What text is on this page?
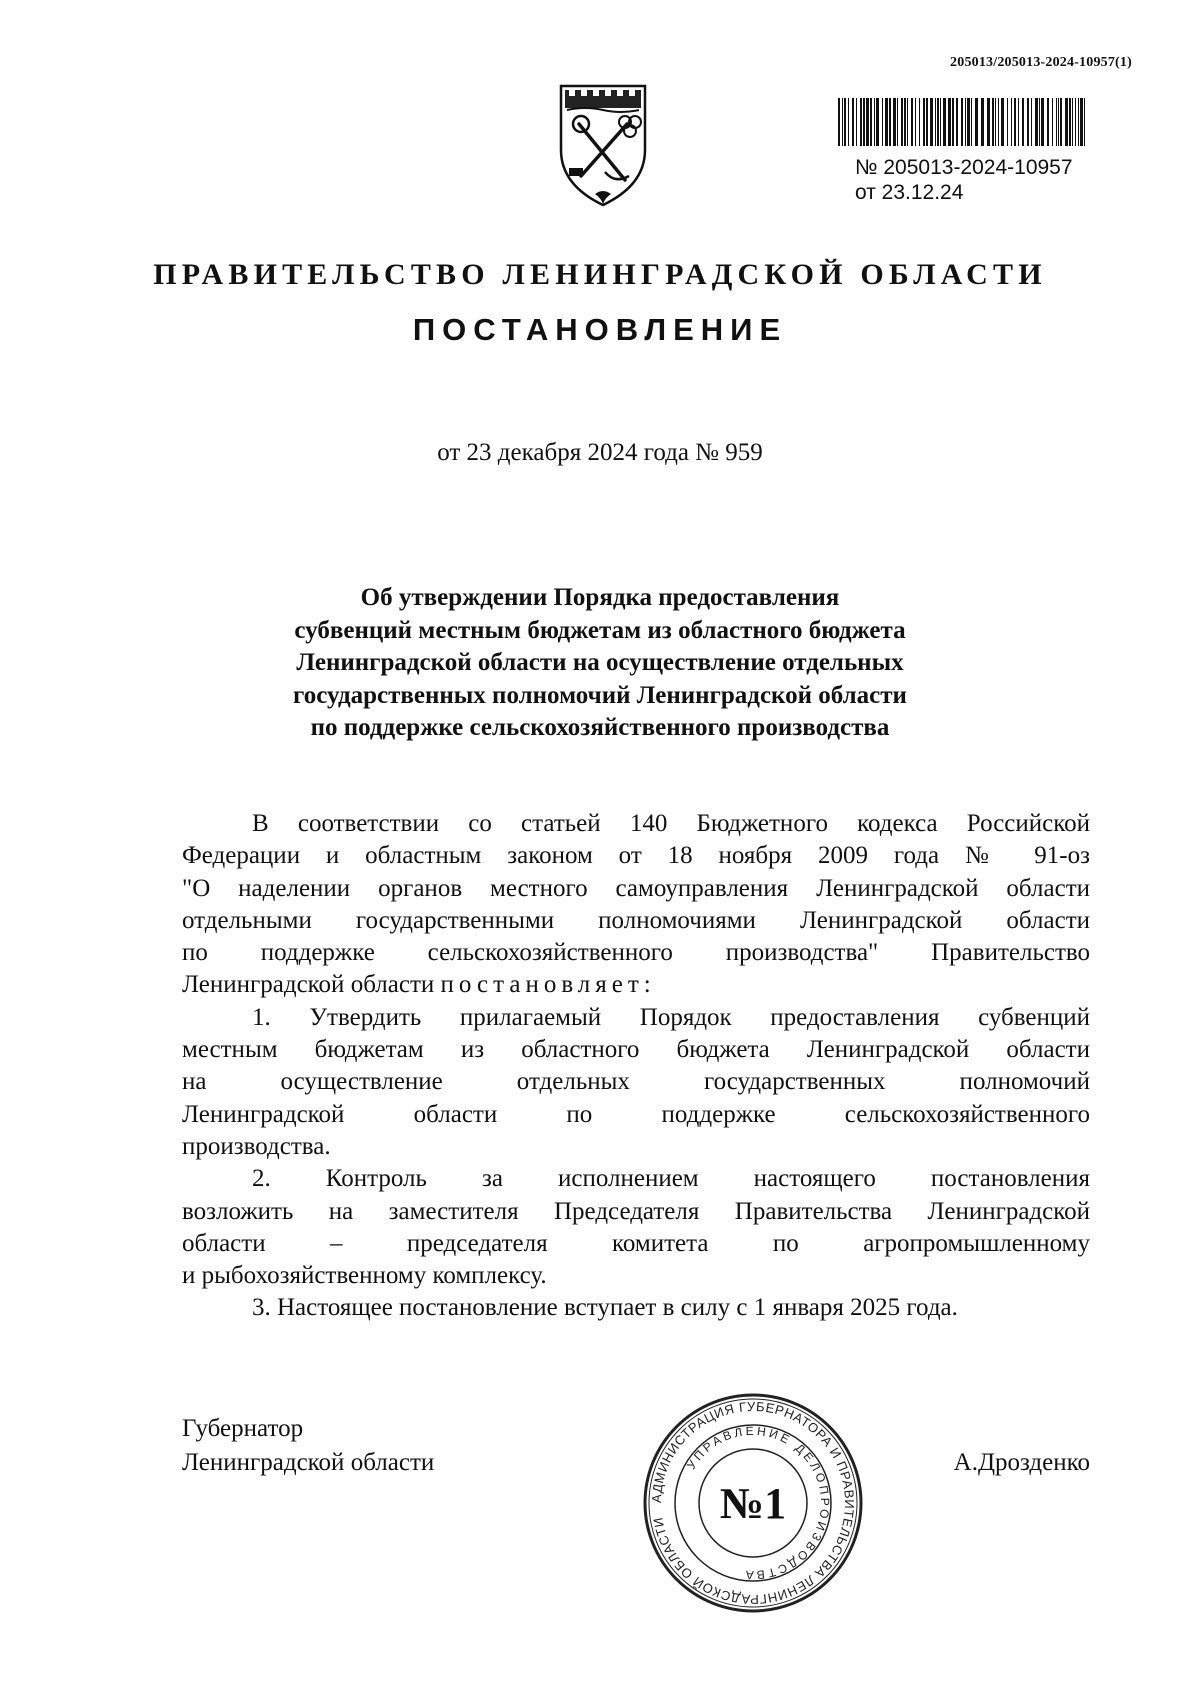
205013/205013-2024-10957(1)
№ 205013-2024-10957
от 23.12.24
ПРАВИТЕЛЬСТВО ЛЕНИНГРАДСКОЙ ОБЛАСТИ
ПОСТАНОВЛЕНИЕ
от 23 декабря 2024 года № 959
Об утверждении Порядка предоставления
субвенций местным бюджетам из областного бюджета
Ленинградской области на осуществление отдельных
государственных полномочий Ленинградской области
по поддержке сельскохозяйственного производства
В соответствии со статьей 140 Бюджетного кодекса Российской
Федерации и областным законом от 18 ноября 2009 года № 91-оз
"О наделении органов местного самоуправления Ленинградской области
отдельными государственными полномочиями Ленинградской области
по поддержке сельскохозяйственного производства" Правительство
Ленинградской области постановляет:
1. Утвердить прилагаемый Порядок предоставления субвенций
местным бюджетам из областного бюджета Ленинградской области
на осуществление отдельных государственных полномочий
Ленинградской области по поддержке сельскохозяйственного
производства.
2. Контроль за исполнением настоящего постановления
возложить на заместителя Председателя Правительства Ленинградской
области – председателя комитета по агропромышленному
и рыбохозяйственному комплексу.
3. Настоящее постановление вступает в силу с 1 января 2025 года.
Губернатор
Ленинградской области	А.Дрозденко
АДМИНИСТРАЦИЯ ГУБЕРНАТОРА И ПРАВИТЕЛЬСТВА ЛЕНИНГРАДСКОЙ ОБЛАСТИ
УПРАВЛЕНИЕ ДЕЛОПРОИЗВОДСТВА
№1
